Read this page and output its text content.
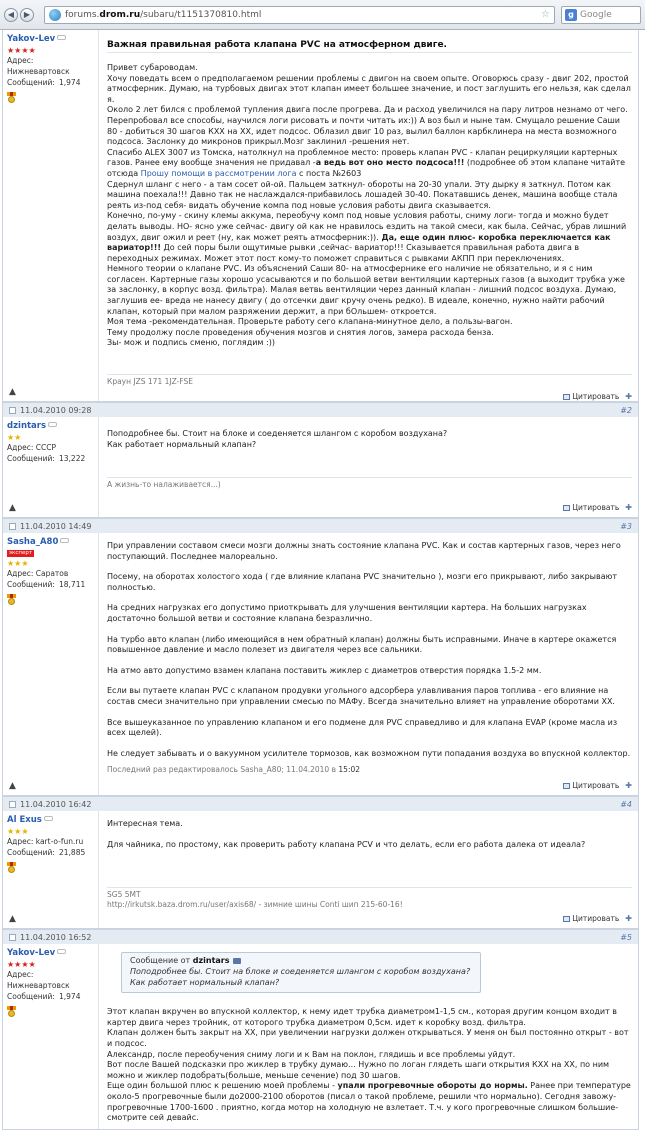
◀	▶	forums. drom.ru /subaru/t1151370810.html	☆	g Google
Yakov-Lev
★★★★
Адрес: Нижневартовск
Сообщений: 1,974
▲
Важная правильная работа клапана PVC на атмосферном двиге.

Привет субароводам.

Хочу поведать всем о предполагаемом решении проблемы с двигон на своем опыте. Оговорюсь сразу - двиг 202, простой атмосферник. Думаю, на турбовых двигах этот клапан имеет большее значение, и пост заглушить его нельзя, как сделал я.

Около 2 лет бился с проблемой тупления двига после прогрева. Да и расход увеличился на пару литров незнамо от чего. Перепробовал все способы, научился логи рисовать и почти читать их:)) А воз был и ныне там. Смущало решение Саши 80 - добиться 30 шагов КХХ на ХХ, идет подсос. Облазил двиг 10 раз, вылил баллон карбклинера на места возможного подсоса. Заслонку до микронов прикрыл.Мозг заклинил -решения нет.

Спасибо ALEX 3007 из Томска, натолкнул на проблемное место: проверь клапан PVC - клапан рециркуляции картерных газов. Ранее ему вообще значения не придавал -а ведь вот оно место подсоса!!! (подробнее об этом клапане читайте отсюда Прошу помощи в рассмотрении лога с поста №2603

Сдернул шланг с него - а там сосет ой-ой. Пальцем заткнул- обороты на 20-30 упали. Эту дырку я заткнул. Потом как машина поехала!!! Давно так не наслаждался-прибавилось лошадей 30-40. Покатавшись денек, машина вообще стала реять из-под себя- видать обучение компа под новые условия работы двига сказывается.

Конечно, по-уму - скину клемы аккума, переобучу комп под новые условия работы, сниму логи- тогда и можно будет делать выводы. НО- ясно уже сейчас- двигу ой как не нравилось ездить на такой смеси, как была. Сейчас, убрав лишний воздух, двиг ожил и реет (ну, как может реять атмосферник:)). Да, еще один плюс- коробка переключается как вариатор!!! До сей поры были ощутимые рывки ,сейчас- вариатор!!! Сказывается правильная работа двига в переходных режимах. Может этот пост кому-то поможет справиться с рывками АКПП при переключениях.

Немного теории о клапане PVC. Из объяснений Саши 80- на атмосфернике его наличие не обязательно, и я с ним согласен. Картерные газы хорошо усасываются и по большой ветви вентиляции картерных газов (а выходит трубка уже за заслонку, в корпус возд. фильтра). Малая ветвь вентиляции через данный клапан - лишний подсос воздуха. Думаю, заглушив ее- вреда не нанесу двигу ( до отсечки двиг кручу очень редко). В идеале, конечно, нужно найти рабочий клапан, который при малом разряжении держит, а при бОльшем- откроется.

Моя тема -рекомендательная. Проверьте работу сего клапана-минутное дело, а пользы-вагон.

Тему продолжу после проведения обучения мозгов и снятия логов, замера расхода бенза.

Зы- мож и подпись сменю, поглядим :))

Краун JZS 171 1JZ-FSE
Цитировать ✚
11.04.2010 09:28	#2
dzintars
★★
Адрес: СССР
Сообщений: 13,222
▲

Поподробнее бы. Стоит на блоке и соеденяется шлангом с коробом воздухана?

Как работает нормальный клапан?

А жизнь-то налаживается...)
Цитировать ✚
11.04.2010 14:49	#3
Sasha_A80
эксперт
★★★
Адрес: Саратов
Сообщений: 18,711
▲

При управлении составом смеси мозги должны знать состояние клапана PVC. Как и состав картерных газов, через него поступающий. Последнее малореально.

Посему, на оборотах холостого хода ( где влияние клапана PVC значительно ), мозги его прикрывают, либо закрывают полностью.

На средних нагрузках его допустимо приоткрывать для улучшения вентиляции картера. На больших нагрузках достаточно большой ветви и состояние клапана безразлично.

На турбо авто клапан (либо имеющийся в нем обратный клапан) должны быть исправными. Иначе в картере окажется повышенное давление и масло полезет из двигателя через все сальники.

На атмо авто допустимо взамен клапана поставить жиклер с диаметров отверстия порядка 1.5-2 мм.

Если вы путаете клапан PVC с клапаном продувки угольного адсорбера улавливания паров топлива - его влияние на состав смеси значительно при управлении смесью по МАФу. Всегда значительно влияет на управление оборотами ХХ.

Все вышеуказанное по управлению клапаном и его подмене для PVC справедливо и для клапана EVAP (кроме масла из всех щелей).

Не следует забывать и о вакуумном усилителе тормозов, как возможном пути попадания воздуха во впускной коллектор.

Последний раз редактировалось Sasha_A80; 11.04.2010 в 15:02
Цитировать ✚
11.04.2010 16:42	#4
Al Exus
★★★
Адрес: kart-o-fun.ru
Сообщений: 21,885
▲

Интересная тема.

Для чайника, по простому, как проверить работу клапана PCV и что делать, если его работа далека от идеала?

SG5 5MT
http://irkutsk.baza.drom.ru/user/axis68/ - зимние шины Conti шип 215-60-16!
Цитировать ✚
11.04.2010 16:52	#5
Yakov-Lev
★★★★
Адрес: Нижневартовск
Сообщений: 1,974
Сообщение от dzintars
Поподробнее бы. Стоит на блоке и соеденяется шлангом с коробом воздухана?
Как работает нормальный клапан?

Этот клапан вкручен во впускной коллектор, к нему идет трубка диаметром1-1,5 см., которая другим концом входит в картер двига через тройник, от которого трубка диаметром 0,5см. идет к коробку возд. фильтра.

Клапан должен быть закрыт на ХХ, при увеличении нагрузки должен открываться. У меня он был постоянно открыт - вот и подсос.

Александр, после переобучения сниму логи и к Вам на поклон, глядишь и все проблемы уйдут.

Вот после Вашей подсказки про жиклер в трубку думаю... Нужно по логан глядеть шаги открытия КХХ на ХХ, по ним можно и жиклер подобрать(больше, меньше сечение) под 30 шагов.

Еще один большой плюс к решению моей проблемы - упали прогревочные обороты до нормы. Ранее при температуре около-5 прогревочные были до2000-2100 оборотов (писал о такой проблеме, решили что нормально). Сегодня завожу- прогревочные 1700-1600 . приятно, когда мотор на холодную не взлетает. Т.ч. у кого прогревочные слишком большие- смотрите сей девайс.
